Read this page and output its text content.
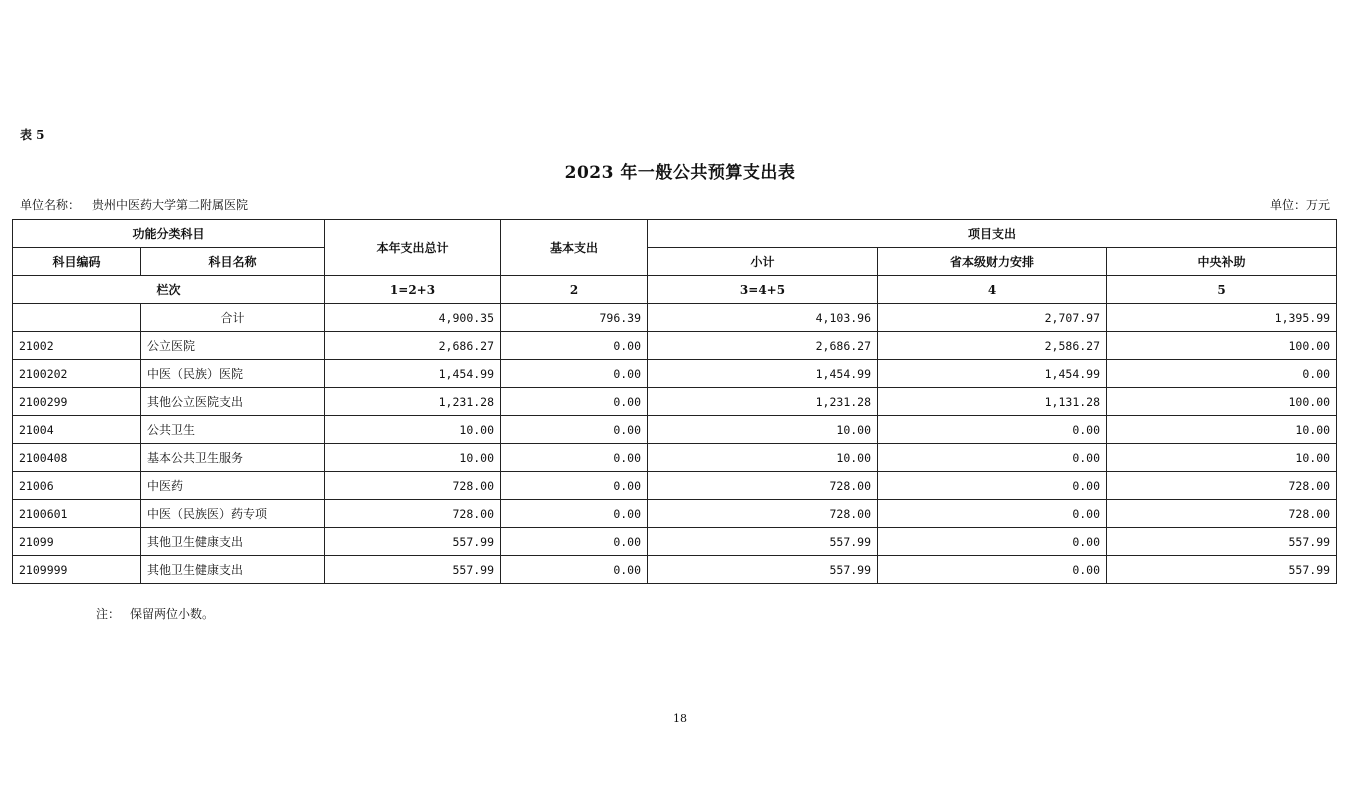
表 5
2023 年一般公共预算支出表
单位名称： 贵州中医药大学第二附属医院	单位：万元
功能分类科目		本年支出总计	基本支出	项目支出		
科目编码	科目名称			小计	省本级财力安排	中央补助
栏次		1=2+3	2	3=4+5	4	5
	合计	4,900.35	796.39	4,103.96	2,707.97	1,395.99
21002	公立医院	2,686.27	0.00	2,686.27	2,586.27	100.00
2100202	中医（民族）医院	1,454.99	0.00	1,454.99	1,454.99	0.00
2100299	其他公立医院支出	1,231.28	0.00	1,231.28	1,131.28	100.00
21004	公共卫生	10.00	0.00	10.00	0.00	10.00
2100408	基本公共卫生服务	10.00	0.00	10.00	0.00	10.00
21006	中医药	728.00	0.00	728.00	0.00	728.00
2100601	中医（民族医）药专项	728.00	0.00	728.00	0.00	728.00
21099	其他卫生健康支出	557.99	0.00	557.99	0.00	557.99
2109999	其他卫生健康支出	557.99	0.00	557.99	0.00	557.99
注： 保留两位小数。
18
